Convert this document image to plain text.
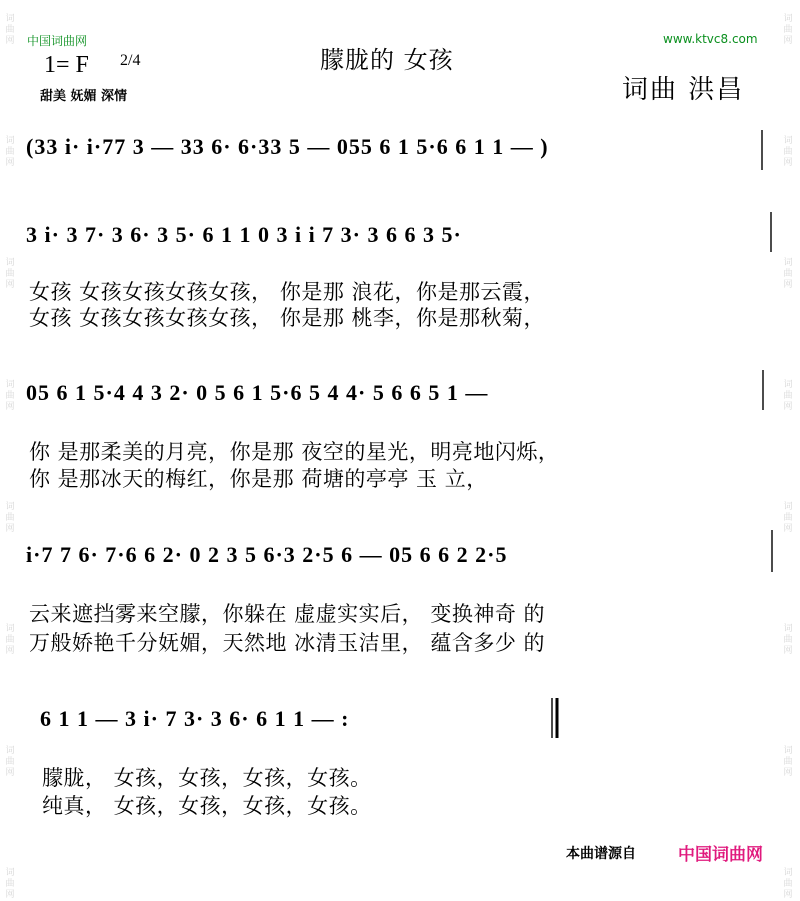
词
曲
网
词
曲
网
词
曲
网
词
曲
网
词
曲
网
词
曲
网
词
曲
网
词
曲
网
词
曲
网
词
曲
网
词
曲
网
词
曲
网
词
曲
网
词
曲
网
词
曲
网
词
曲
网
中国词曲网	www.ktvc8.com
朦胧的 女孩
1= F 2/4
甜美 妩媚 深情	词曲 洪昌
(33 i· i·77 3 — 33 6· 6·33 5 — 055 6 1 5·6 6 1 1 — )
3 i· 3 7· 3 6· 3 5· 6 1 1 0 3 i i 7 3· 3 6 6 3 5·
女孩 女孩女孩女孩女孩， 你是那 浪花，你是那云霞，
女孩 女孩女孩女孩女孩， 你是那 桃李，你是那秋菊，
05 6 1 5·4 4 3 2· 0 5 6 1 5·6 5 4 4· 5 6 6 5 1 —
你 是那柔美的月亮，你是那 夜空的星光，明亮地闪烁，
你 是那冰天的梅红，你是那 荷塘的亭亭 玉 立，
i·7 7 6· 7·6 6 2· 0 2 3 5 6·3 2·5 6 — 05 6 6 2 2·5
云来遮挡雾来空朦，你躲在 虚虚实实后， 变换神奇 的
万般娇艳千分妩媚，天然地 冰清玉洁里， 蕴含多少 的
6 1 1 — 3 i· 7 3· 3 6· 6 1 1 — :
朦胧， 女孩，女孩，女孩，女孩。
纯真， 女孩，女孩，女孩，女孩。
本曲谱源自 中国词曲网
